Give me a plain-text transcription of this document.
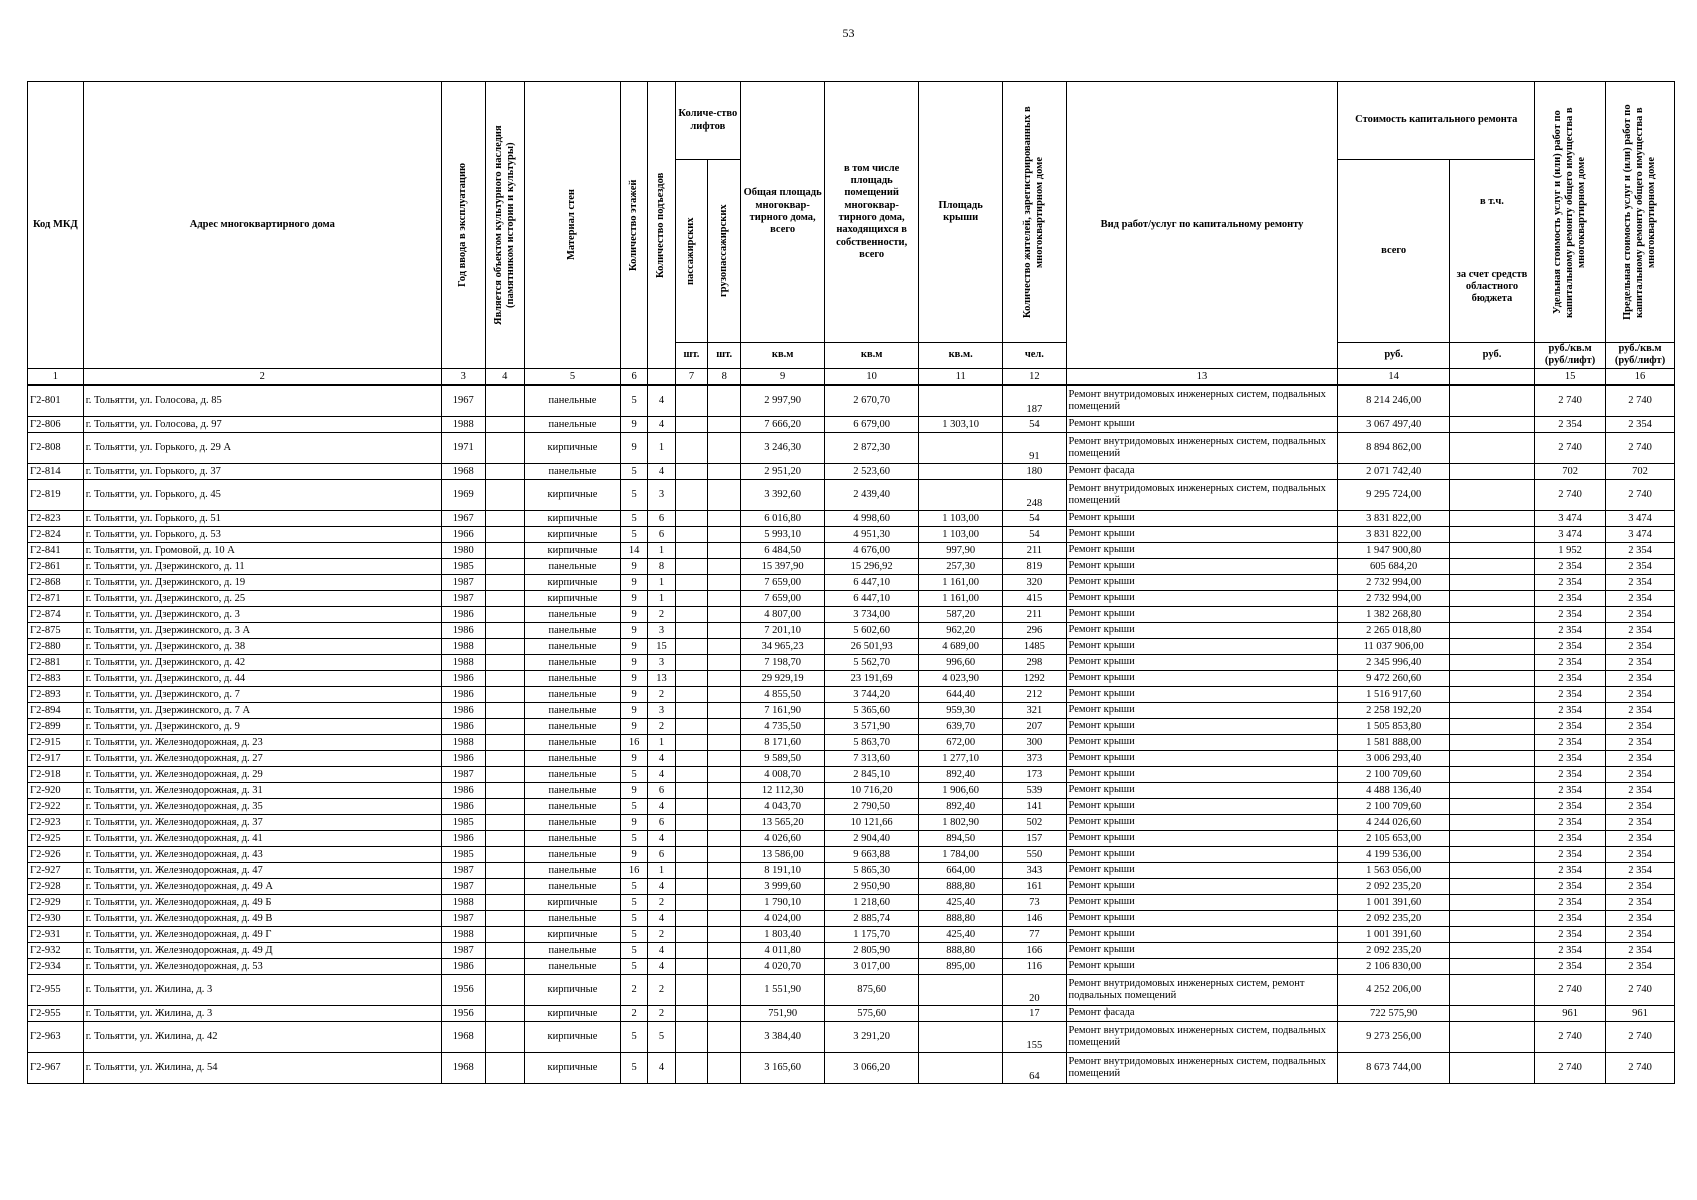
53
Код МКД	Адрес многоквартирного дома	Год ввода в эксплуатацию	Является объектом культурного наследия (памятником истории и культуры)	Материал стен	Количество этажей	Количество подъездов	Количе-ство лифтов		Общая площадь многоквар-тирного дома, всего	в том числе площадь помещений многоквар-тирного дома, находящихся в собственности, всего	Площадь крыши	Количество жителей, зарегистрированных в многоквартирном доме	Вид работ/услуг по капитальному ремонту	Стоимость капитального ремонта		Удельная стоимость услуг и (или) работ по капитальному ремонту общего имущества в многоквартирном доме	Предельная стоимость услуг и (или) работ по капитальному ремонту общего имущества в многоквартирном доме

							пассажирских	грузопассажирских						всего	в т.ч.
за счет средств областного бюджета		

							шт.	шт.	кв.м	кв.м	кв.м.	чел.		руб.	руб.	руб./кв.м (руб/лифт)	руб./кв.м (руб/лифт)
1	2	3	4	5	6		7	8	9	10	11	12	13	14		15	16
Г2-801	г. Тольятти, ул. Голосова, д. 85	1967		панельные	5	4			2 997,90	2 670,70		187	Ремонт внутридомовых инженерных систем, подвальных помещений	8 214 246,00		2 740	2 740
Г2-806	г. Тольятти, ул. Голосова, д. 97	1988		панельные	9	4			7 666,20	6 679,00	1 303,10	54	Ремонт крыши	3 067 497,40		2 354	2 354
Г2-808	г. Тольятти, ул. Горького, д. 29 А	1971		кирпичные	9	1			3 246,30	2 872,30		91	Ремонт внутридомовых инженерных систем, подвальных помещений	8 894 862,00		2 740	2 740
Г2-814	г. Тольятти, ул. Горького, д. 37	1968		панельные	5	4			2 951,20	2 523,60		180	Ремонт фасада	2 071 742,40		702	702
Г2-819	г. Тольятти, ул. Горького, д. 45	1969		кирпичные	5	3			3 392,60	2 439,40		248	Ремонт внутридомовых инженерных систем, подвальных помещений	9 295 724,00		2 740	2 740
Г2-823	г. Тольятти, ул. Горького, д. 51	1967		кирпичные	5	6			6 016,80	4 998,60	1 103,00	54	Ремонт крыши	3 831 822,00		3 474	3 474
Г2-824	г. Тольятти, ул. Горького, д. 53	1966		кирпичные	5	6			5 993,10	4 951,30	1 103,00	54	Ремонт крыши	3 831 822,00		3 474	3 474
Г2-841	г. Тольятти, ул. Громовой, д. 10 А	1980		кирпичные	14	1			6 484,50	4 676,00	997,90	211	Ремонт крыши	1 947 900,80		1 952	2 354
Г2-861	г. Тольятти, ул. Дзержинского, д. 11	1985		панельные	9	8			15 397,90	15 296,92	257,30	819	Ремонт крыши	605 684,20		2 354	2 354
Г2-868	г. Тольятти, ул. Дзержинского, д. 19	1987		кирпичные	9	1			7 659,00	6 447,10	1 161,00	320	Ремонт крыши	2 732 994,00		2 354	2 354
Г2-871	г. Тольятти, ул. Дзержинского, д. 25	1987		кирпичные	9	1			7 659,00	6 447,10	1 161,00	415	Ремонт крыши	2 732 994,00		2 354	2 354
Г2-874	г. Тольятти, ул. Дзержинского, д. 3	1986		панельные	9	2			4 807,00	3 734,00	587,20	211	Ремонт крыши	1 382 268,80		2 354	2 354
Г2-875	г. Тольятти, ул. Дзержинского, д. 3 А	1986		панельные	9	3			7 201,10	5 602,60	962,20	296	Ремонт крыши	2 265 018,80		2 354	2 354
Г2-880	г. Тольятти, ул. Дзержинского, д. 38	1988		панельные	9	15			34 965,23	26 501,93	4 689,00	1485	Ремонт крыши	11 037 906,00		2 354	2 354
Г2-881	г. Тольятти, ул. Дзержинского, д. 42	1988		панельные	9	3			7 198,70	5 562,70	996,60	298	Ремонт крыши	2 345 996,40		2 354	2 354
Г2-883	г. Тольятти, ул. Дзержинского, д. 44	1986		панельные	9	13			29 929,19	23 191,69	4 023,90	1292	Ремонт крыши	9 472 260,60		2 354	2 354
Г2-893	г. Тольятти, ул. Дзержинского, д. 7	1986		панельные	9	2			4 855,50	3 744,20	644,40	212	Ремонт крыши	1 516 917,60		2 354	2 354
Г2-894	г. Тольятти, ул. Дзержинского, д. 7 А	1986		панельные	9	3			7 161,90	5 365,60	959,30	321	Ремонт крыши	2 258 192,20		2 354	2 354
Г2-899	г. Тольятти, ул. Дзержинского, д. 9	1986		панельные	9	2			4 735,50	3 571,90	639,70	207	Ремонт крыши	1 505 853,80		2 354	2 354
Г2-915	г. Тольятти, ул. Железнодорожная, д. 23	1988		панельные	16	1			8 171,60	5 863,70	672,00	300	Ремонт крыши	1 581 888,00		2 354	2 354
Г2-917	г. Тольятти, ул. Железнодорожная, д. 27	1986		панельные	9	4			9 589,50	7 313,60	1 277,10	373	Ремонт крыши	3 006 293,40		2 354	2 354
Г2-918	г. Тольятти, ул. Железнодорожная, д. 29	1987		панельные	5	4			4 008,70	2 845,10	892,40	173	Ремонт крыши	2 100 709,60		2 354	2 354
Г2-920	г. Тольятти, ул. Железнодорожная, д. 31	1986		панельные	9	6			12 112,30	10 716,20	1 906,60	539	Ремонт крыши	4 488 136,40		2 354	2 354
Г2-922	г. Тольятти, ул. Железнодорожная, д. 35	1986		панельные	5	4			4 043,70	2 790,50	892,40	141	Ремонт крыши	2 100 709,60		2 354	2 354
Г2-923	г. Тольятти, ул. Железнодорожная, д. 37	1985		панельные	9	6			13 565,20	10 121,66	1 802,90	502	Ремонт крыши	4 244 026,60		2 354	2 354
Г2-925	г. Тольятти, ул. Железнодорожная, д. 41	1986		панельные	5	4			4 026,60	2 904,40	894,50	157	Ремонт крыши	2 105 653,00		2 354	2 354
Г2-926	г. Тольятти, ул. Железнодорожная, д. 43	1985		панельные	9	6			13 586,00	9 663,88	1 784,00	550	Ремонт крыши	4 199 536,00		2 354	2 354
Г2-927	г. Тольятти, ул. Железнодорожная, д. 47	1987		панельные	16	1			8 191,10	5 865,30	664,00	343	Ремонт крыши	1 563 056,00		2 354	2 354
Г2-928	г. Тольятти, ул. Железнодорожная, д. 49 А	1987		панельные	5	4			3 999,60	2 950,90	888,80	161	Ремонт крыши	2 092 235,20		2 354	2 354
Г2-929	г. Тольятти, ул. Железнодорожная, д. 49 Б	1988		кирпичные	5	2			1 790,10	1 218,60	425,40	73	Ремонт крыши	1 001 391,60		2 354	2 354
Г2-930	г. Тольятти, ул. Железнодорожная, д. 49 В	1987		панельные	5	4			4 024,00	2 885,74	888,80	146	Ремонт крыши	2 092 235,20		2 354	2 354
Г2-931	г. Тольятти, ул. Железнодорожная, д. 49 Г	1988		кирпичные	5	2			1 803,40	1 175,70	425,40	77	Ремонт крыши	1 001 391,60		2 354	2 354
Г2-932	г. Тольятти, ул. Железнодорожная, д. 49 Д	1987		панельные	5	4			4 011,80	2 805,90	888,80	166	Ремонт крыши	2 092 235,20		2 354	2 354
Г2-934	г. Тольятти, ул. Железнодорожная, д. 53	1986		панельные	5	4			4 020,70	3 017,00	895,00	116	Ремонт крыши	2 106 830,00		2 354	2 354
Г2-955	г. Тольятти, ул. Жилина, д. 3	1956		кирпичные	2	2			1 551,90	875,60		20	Ремонт внутридомовых инженерных систем, ремонт подвальных помещений	4 252 206,00		2 740	2 740
Г2-955	г. Тольятти, ул. Жилина, д. 3	1956		кирпичные	2	2			751,90	575,60		17	Ремонт фасада	722 575,90		961	961
Г2-963	г. Тольятти, ул. Жилина, д. 42	1968		кирпичные	5	5			3 384,40	3 291,20		155	Ремонт внутридомовых инженерных систем, подвальных помещений	9 273 256,00		2 740	2 740
Г2-967	г. Тольятти, ул. Жилина, д. 54	1968		кирпичные	5	4			3 165,60	3 066,20		64	Ремонт внутридомовых инженерных систем, подвальных помещений	8 673 744,00		2 740	2 740
